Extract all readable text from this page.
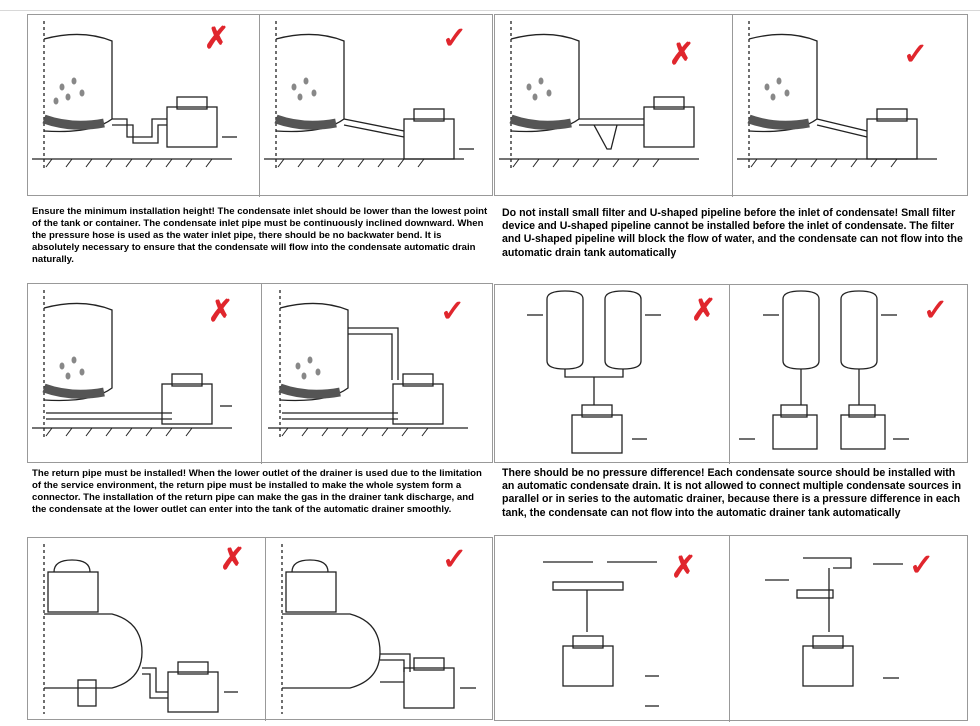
✗	✓
Ensure the minimum installation height! The condensate inlet should be lower than the lowest point of the tank or container. The condensate inlet pipe must be continuously inclined downward. When the pressure hose is used as the water inlet pipe, there should be no backwater bend. It is absolutely necessary to ensure that the condensate will flow into the condensate automatic drain naturally.
✗	✓
Do not install small filter and U-shaped pipeline before the inlet of condensate! Small filter device and U-shaped pipeline cannot be installed before the inlet of condensate. The filter and U-shaped pipeline will block the flow of water, and the condensate can not flow into the automatic drain tank automatically
✗	✓
The return pipe must be installed! When the lower outlet of the drainer is used due to the limitation of the service environment, the return pipe must be installed to make the whole system form a connector. The installation of the return pipe can make the gas in the drainer tank discharge, and the condensate at the lower outlet can enter into the tank of the automatic drainer smoothly.
✗	✓
There should be no pressure difference! Each condensate source should be installed with an automatic condensate drain. It is not allowed to connect multiple condensate sources in parallel or in series to the automatic drainer, because there is a pressure difference in each tank, the condensate can not flow into the automatic drainer tank automatically
✗	✓	✗	✓
